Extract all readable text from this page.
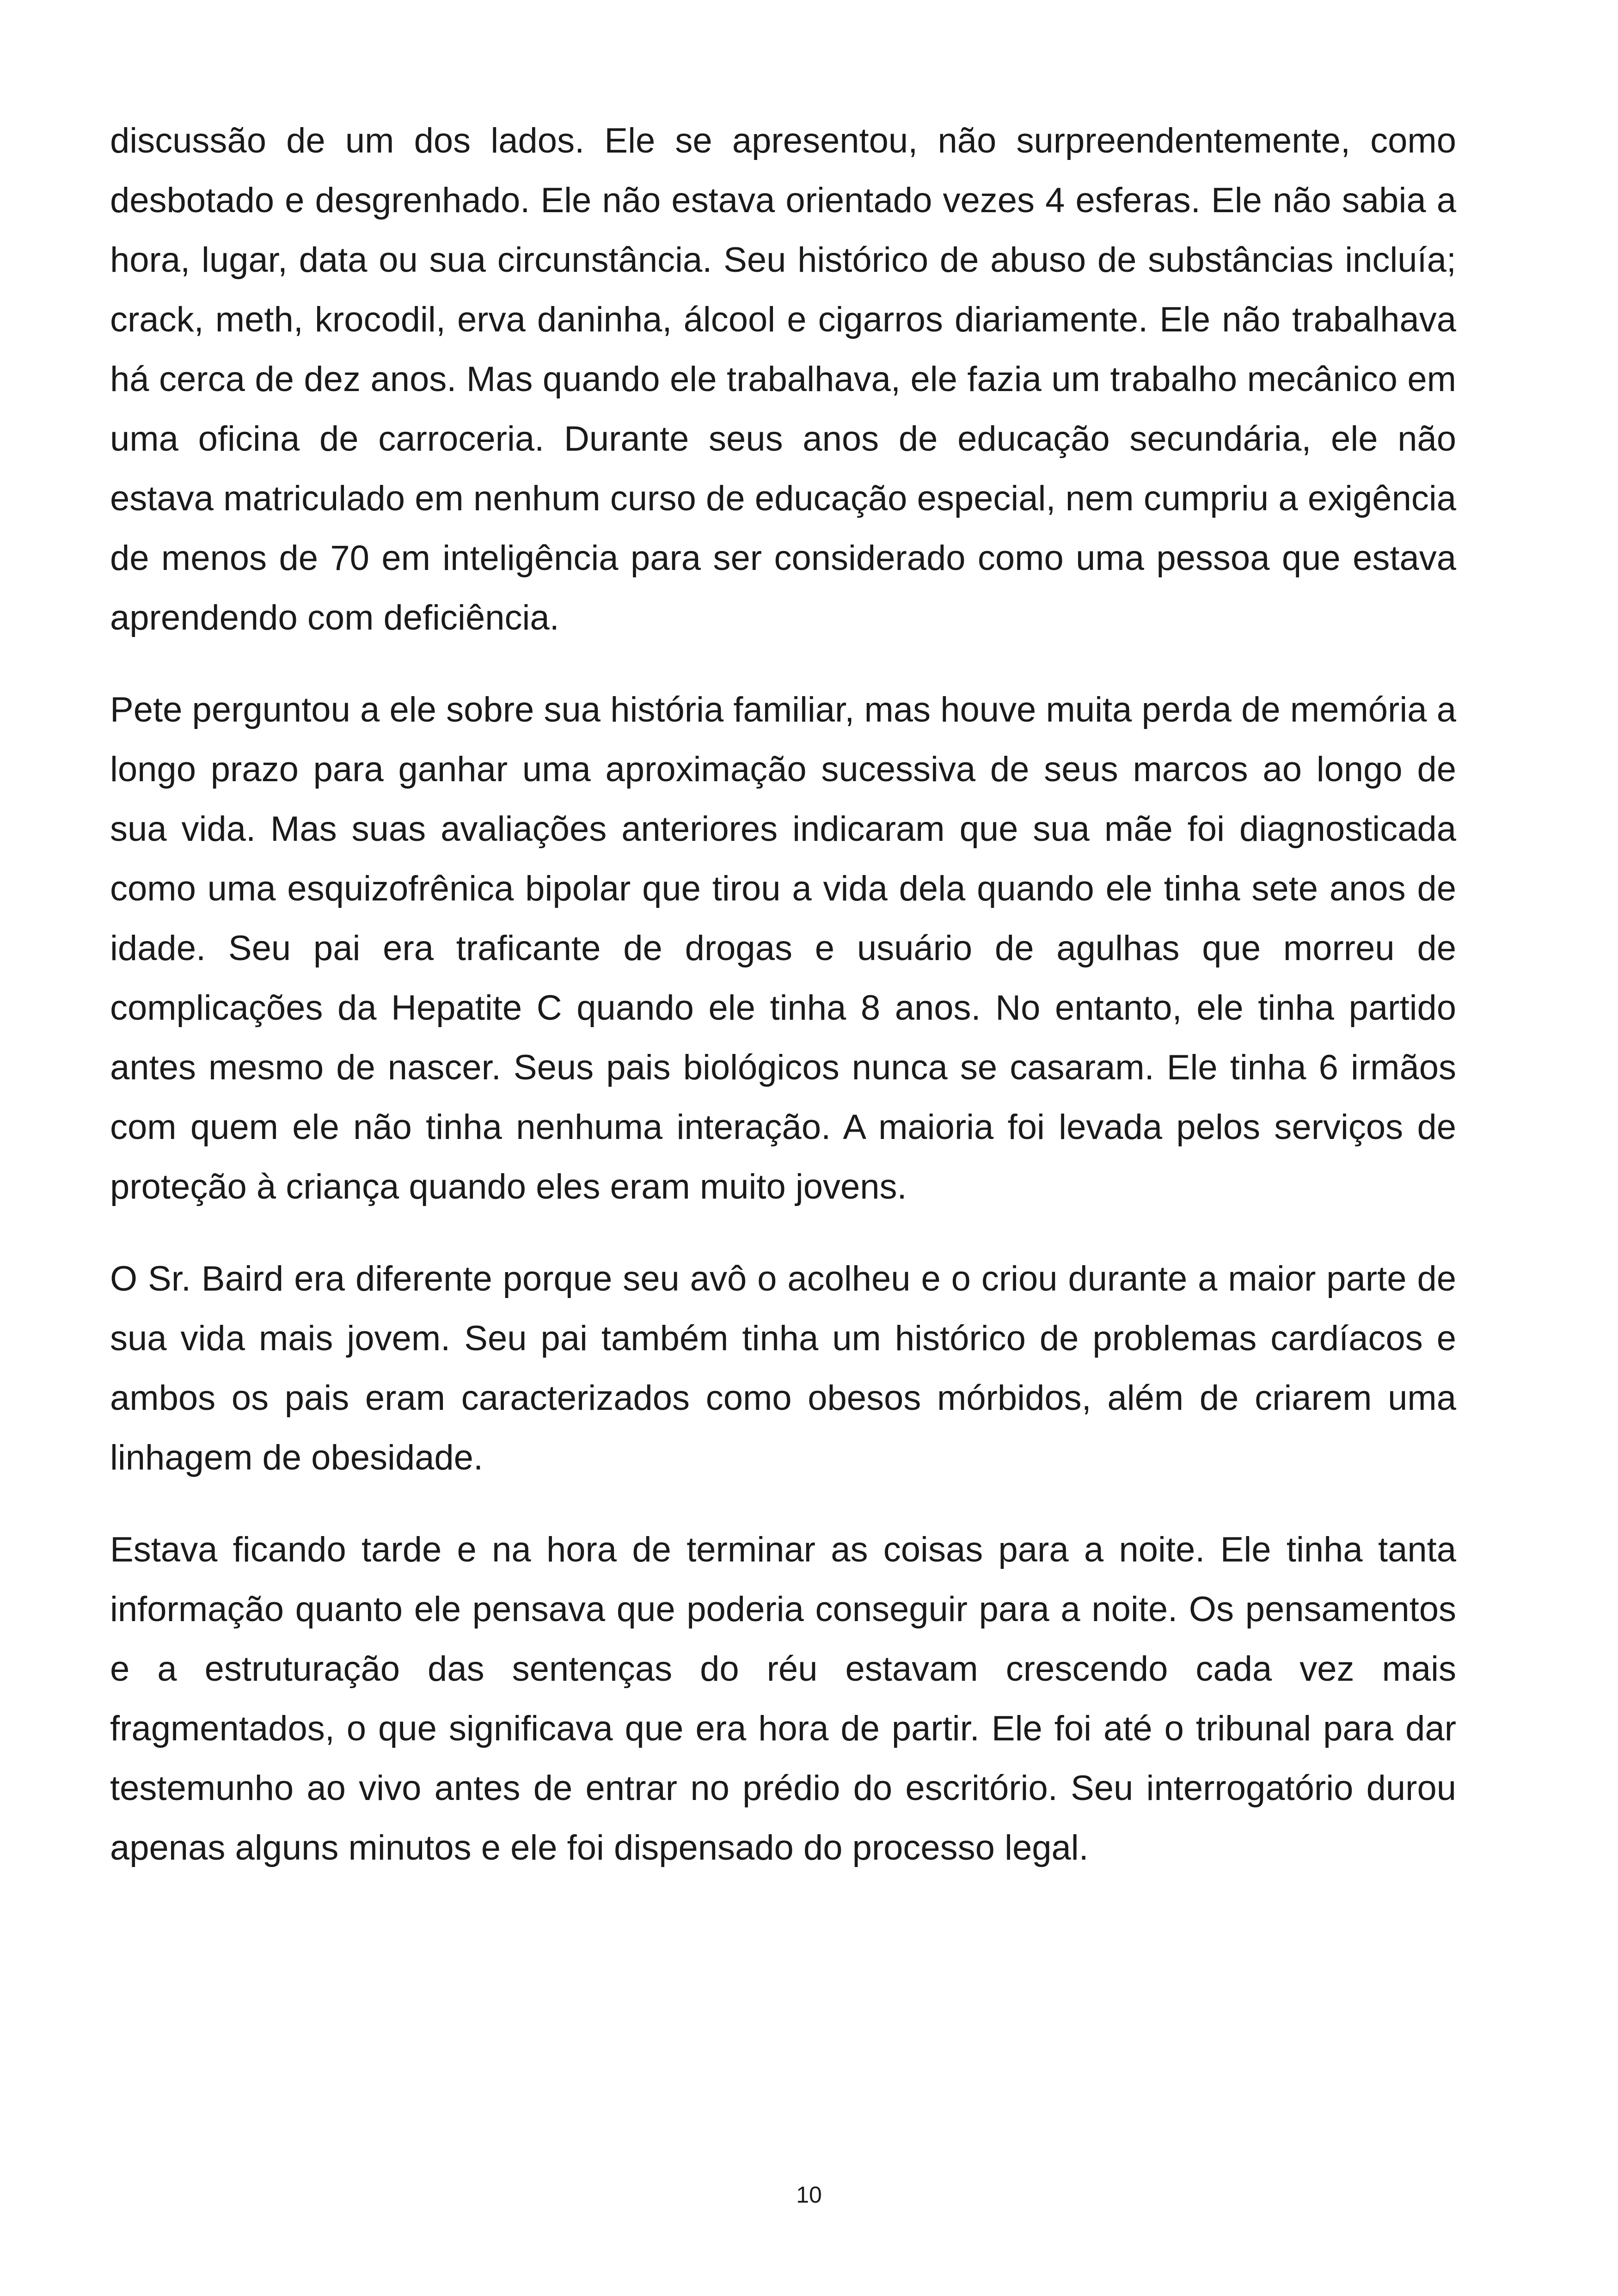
discussão de um dos lados. Ele se apresentou, não surpreendentemente, como desbotado e desgrenhado. Ele não estava orientado vezes 4 esferas. Ele não sabia a hora, lugar, data ou sua circunstância. Seu histórico de abuso de substâncias incluía; crack, meth, krocodil, erva daninha, álcool e cigarros diariamente. Ele não trabalhava há cerca de dez anos. Mas quando ele trabalhava, ele fazia um trabalho mecânico em uma oficina de carroceria. Durante seus anos de educação secundária, ele não estava matriculado em nenhum curso de educação especial, nem cumpriu a exigência de menos de 70 em inteligência para ser considerado como uma pessoa que estava aprendendo com deficiência.

Pete perguntou a ele sobre sua história familiar, mas houve muita perda de memória a longo prazo para ganhar uma aproximação sucessiva de seus marcos ao longo de sua vida. Mas suas avaliações anteriores indicaram que sua mãe foi diagnosticada como uma esquizofrênica bipolar que tirou a vida dela quando ele tinha sete anos de idade. Seu pai era traficante de drogas e usuário de agulhas que morreu de complicações da Hepatite C quando ele tinha 8 anos. No entanto, ele tinha partido antes mesmo de nascer. Seus pais biológicos nunca se casaram. Ele tinha 6 irmãos com quem ele não tinha nenhuma interação. A maioria foi levada pelos serviços de proteção à criança quando eles eram muito jovens.

O Sr. Baird era diferente porque seu avô o acolheu e o criou durante a maior parte de sua vida mais jovem. Seu pai também tinha um histórico de problemas cardíacos e ambos os pais eram caracterizados como obesos mórbidos, além de criarem uma linhagem de obesidade.

Estava ficando tarde e na hora de terminar as coisas para a noite. Ele tinha tanta informação quanto ele pensava que poderia conseguir para a noite. Os pensamentos e a estruturação das sentenças do réu estavam crescendo cada vez mais fragmentados, o que significava que era hora de partir. Ele foi até o tribunal para dar testemunho ao vivo antes de entrar no prédio do escritório. Seu interrogatório durou apenas alguns minutos e ele foi dispensado do processo legal.

10
